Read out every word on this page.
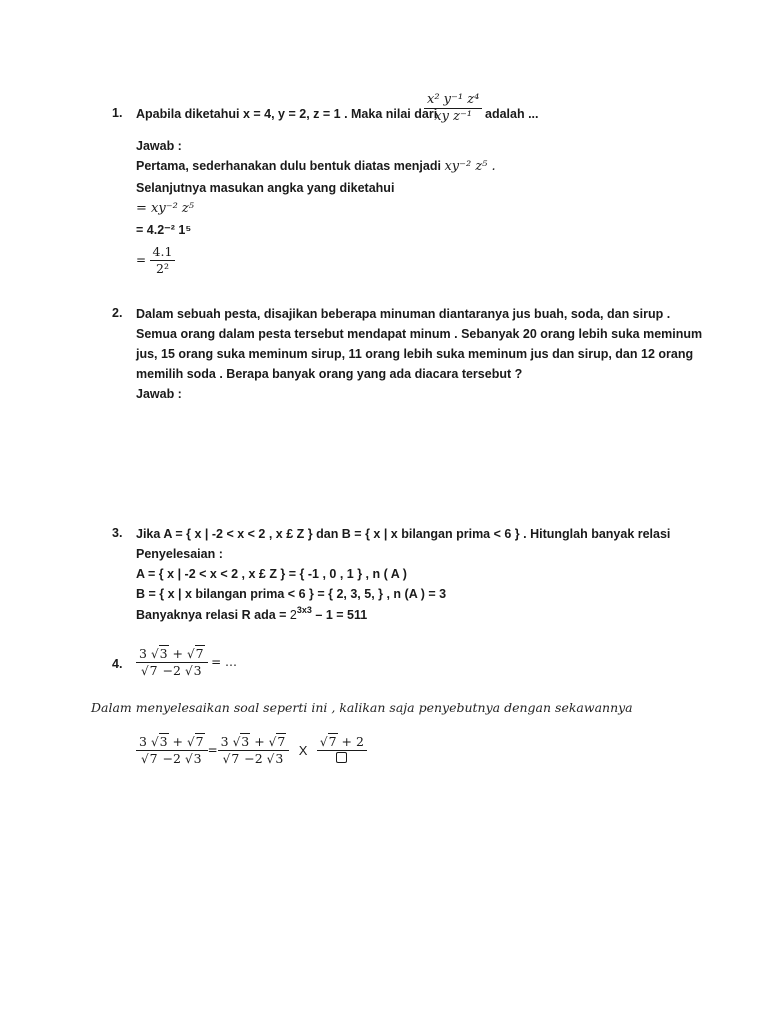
1. Apabila diketahui x = 4, y = 2, z = 1 . Maka nilai dari
$\frac{\text{x² y⁻¹ z⁴}}{\text{xy z⁻¹}}$ adalah ...
Jawab :
Pertama, sederhanakan dulu bentuk diatas menjadi xy⁻² z⁵ .
Selanjutnya masukan angka yang diketahui
= xy⁻² z⁵
= 4.2⁻² 1⁵
= $\frac{4.1}{\text{2²}}$
2. Dalam sebuah pesta, disajikan beberapa minuman diantaranya jus buah, soda, dan sirup .
Semua orang dalam pesta tersebut mendapat minum . Sebanyak 20 orang lebih suka meminum
jus, 15 orang suka meminum sirup, 11 orang lebih suka meminum jus dan sirup, dan 12 orang
memilih soda . Berapa banyak orang yang ada diacara tersebut ?
Jawab :
3. Jika A = { x | -2 < x < 2 , x £ Z } dan B = { x | x bilangan prima < 6 } . Hitunglah banyak relasi
Penyelesaian :
A = { x | -2 < x < 2 , x £ Z } = { -1 , 0 , 1 } , n ( A )
B = { x | x bilangan prima < 6 } = { 2, 3, 5, } , n (A ) = 3
Banyaknya relasi R ada = $2^{3x3} - 1 = 511$
4. $\frac{3 √3 + √7}{√7 -2 √3}$ = …
Dalam menyelesaikan soal seperti ini , kalikan saja penyebutnya dengan sekawannya
$\frac{3 √3 + √7}{√7 -2 √3} = \frac{3 √3 + √7}{√7 -2 √3}$ X
√7 + 2
